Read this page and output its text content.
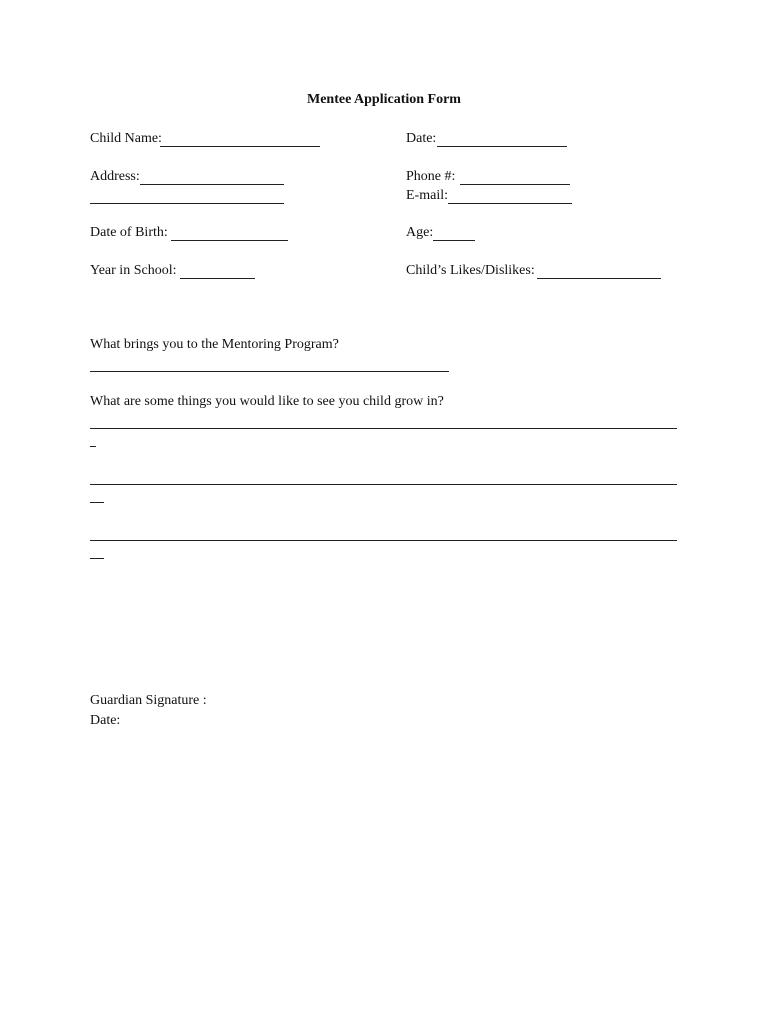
Mentee Application Form
Child Name:	Date:
Address:	Phone #:
E-mail:
Date of Birth:	Age:
Year in School:	Child’s Likes/Dislikes:
What brings you to the Mentoring Program?
What are some things you would like to see you child grow in?
Guardian Signature :
Date:
